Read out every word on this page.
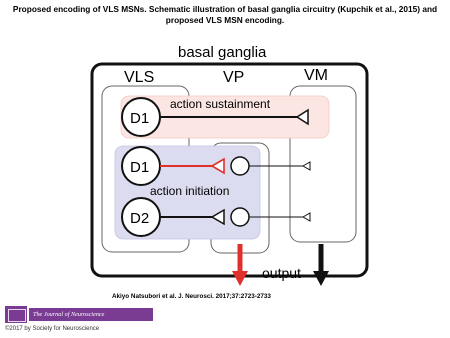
Proposed encoding of VLS MSNs. Schematic illustration of basal ganglia circuitry (Kupchik et al., 2015) and proposed VLS MSN encoding.
basal ganglia
VLS	VP	VM
action sustainment
action initiation
D1
D1
D2
output
Akiyo Natsubori et al. J. Neurosci. 2017;37:2723-2733
The Journal of Neuroscience
©2017 by Society for Neuroscience
